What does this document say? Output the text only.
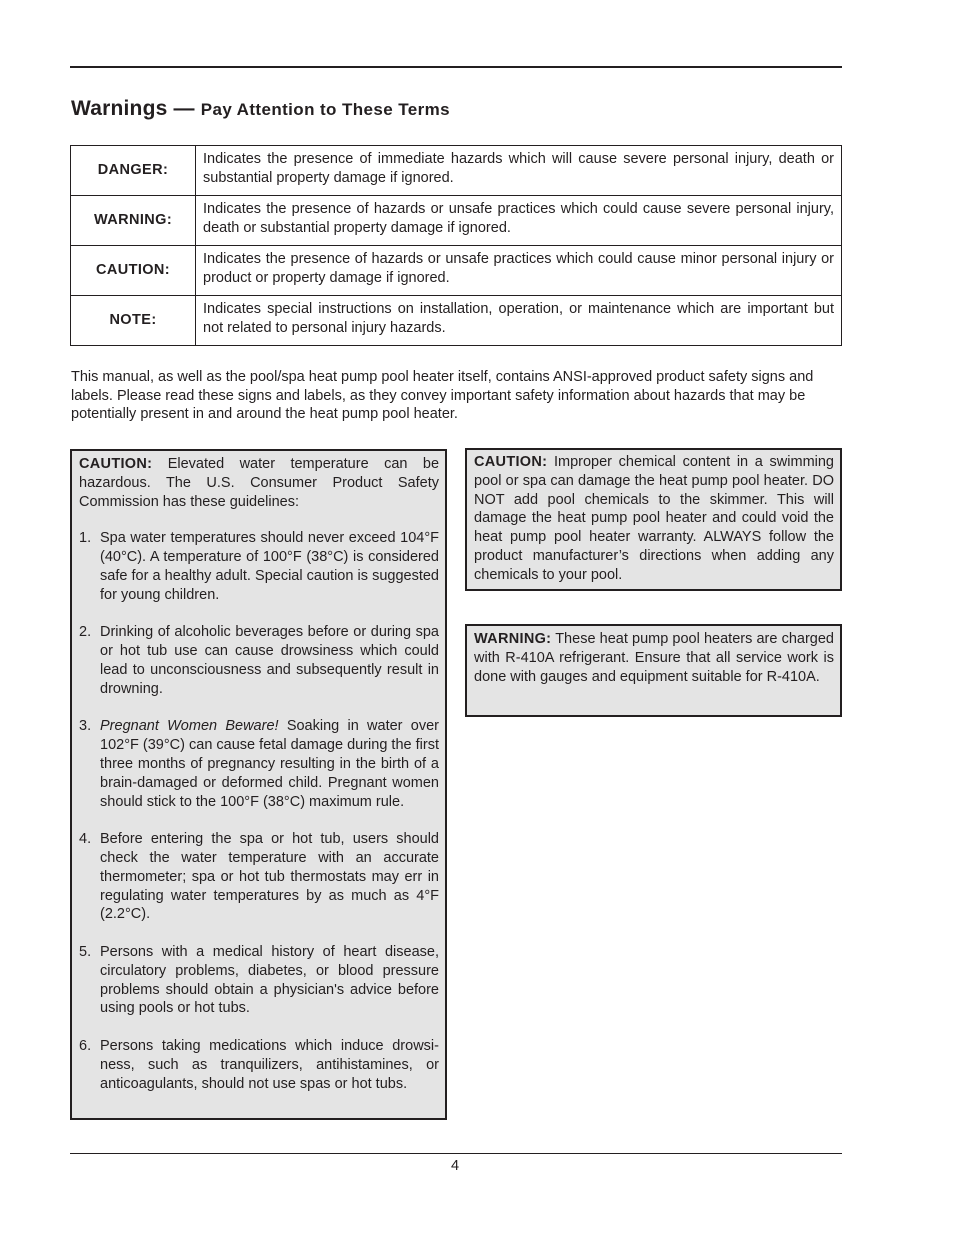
Warnings — Pay Attention to These Terms
DANGER:	Indicates the presence of immediate hazards which will cause severe personal injury, death or substantial property damage if ignored.
WARNING:	Indicates the presence of hazards or unsafe practices which could cause severe personal injury, death or substantial property damage if ignored.
CAUTION:	Indicates the presence of hazards or unsafe practices which could cause minor personal injury or product or property damage if ignored.
NOTE:	Indicates special instructions on installation, operation, or maintenance which are important but not related to personal injury hazards.

This manual, as well as the pool/spa heat pump pool heater itself, contains ANSI-approved product safety signs and labels. Please read these signs and labels, as they convey important safety information about hazards that may be potentially present in and around the heat pump pool heater.

CAUTION: Elevated water temperature can be hazardous. The U.S. Consumer Product Safety Commission has these guidelines:
1. Spa water temperatures should never exceed 104°F (40°C). A temperature of 100°F (38°C) is considered safe for a healthy adult. Special caution is suggested for young children.
2. Drinking of alcoholic beverages before or during spa or hot tub use can cause drowsiness which could lead to unconsciousness and subsequently result in drowning.
3. Pregnant Women Beware! Soaking in water over 102°F (39°C) can cause fetal damage during the first three months of pregnancy resulting in the birth of a brain-damaged or deformed child. Pregnant women should stick to the 100°F (38°C) maximum rule.
4. Before entering the spa or hot tub, users should check the water temperature with an accurate thermometer; spa or hot tub thermostats may err in regulating water temperatures by as much as 4°F (2.2°C).
5. Persons with a medical history of heart disease, circulatory problems, diabetes, or blood pressure problems should obtain a physician's advice before using pools or hot tubs.
6. Persons taking medications which induce drowsiness, such as tranquilizers, antihistamines, or anticoagulants, should not use spas or hot tubs.
CAUTION: Improper chemical content in a swimming pool or spa can damage the heat pump pool heater. DO NOT add pool chemicals to the skimmer. This will damage the heat pump pool heater and could void the heat pump pool heater warranty. ALWAYS follow the product manufacturer’s directions when adding any chemicals to your pool.
WARNING: These heat pump pool heaters are charged with R-410A refrigerant. Ensure that all service work is done with gauges and equipment suitable for R-410A.
4
